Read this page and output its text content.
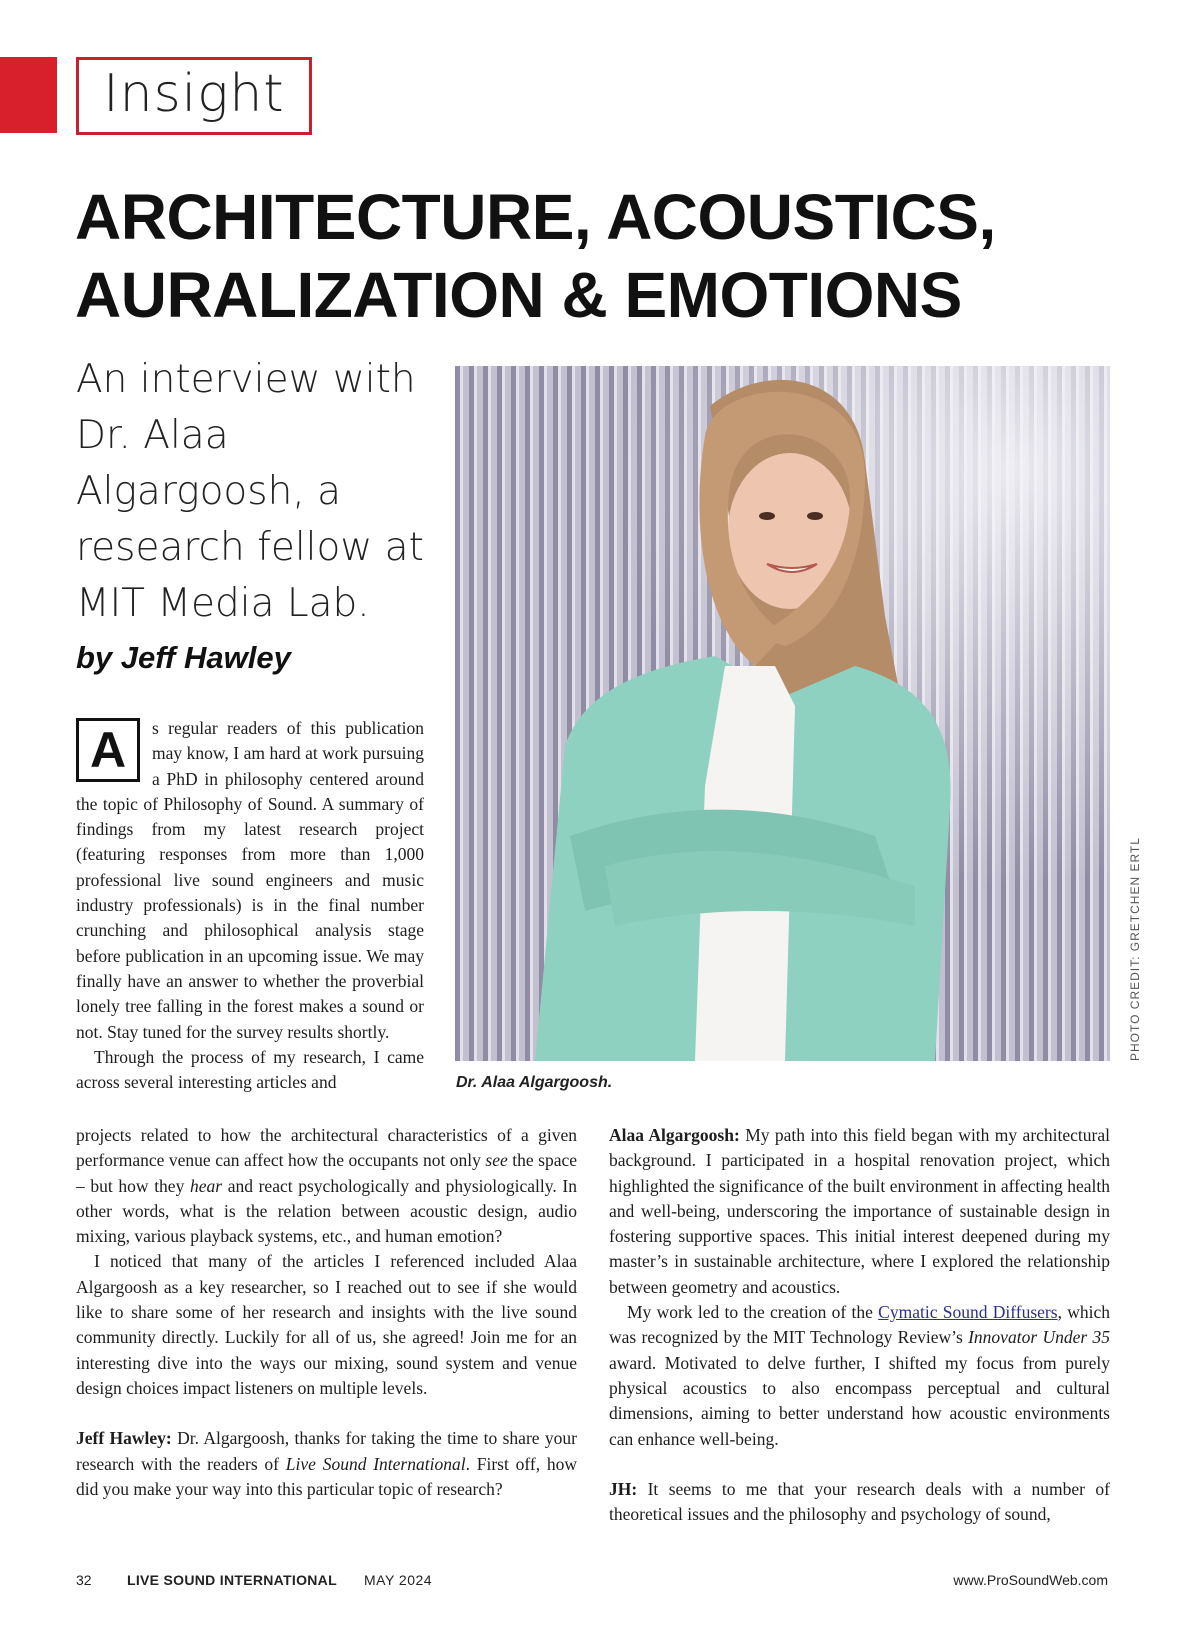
Insight
ARCHITECTURE, ACOUSTICS,
AURALIZATION & EMOTIONS
An interview with Dr. Alaa Algargoosh, a research fellow at MIT Media Lab.
by Jeff Hawley
PHOTO CREDIT: GRETCHEN ERTL
Dr. Alaa Algargoosh.
A	s regular readers of this publication may know, I am hard at work pursuing a PhD in philosophy centered around the topic of Philosophy of Sound. A summary of findings from my latest research project (featuring responses from more than 1,000 professional live sound engineers and music industry professionals) is in the final number crunching and philosophical analysis stage before publication in an upcoming issue. We may finally have an answer to whether the proverbial lonely tree falling in the forest makes a sound or not. Stay tuned for the survey results shortly.

Through the process of my research, I came across several interesting articles and

projects related to how the architectural characteristics of a given performance venue can affect how the occupants not only see the space – but how they hear and react psychologically and physiologically. In other words, what is the relation between acoustic design, audio mixing, various playback systems, etc., and human emotion?

I noticed that many of the articles I referenced included Alaa Algargoosh as a key researcher, so I reached out to see if she would like to share some of her research and insights with the live sound community directly. Luckily for all of us, she agreed! Join me for an interesting dive into the ways our mixing, sound system and venue design choices impact listeners on multiple levels.

Jeff Hawley: Dr. Algargoosh, thanks for taking the time to share your research with the readers of Live Sound International. First off, how did you make your way into this particular topic of research?

Alaa Algargoosh: My path into this field began with my architectural background. I participated in a hospital renovation project, which highlighted the significance of the built environment in affecting health and well-being, underscoring the importance of sustainable design in fostering supportive spaces. This initial interest deepened during my master’s in sustainable architecture, where I explored the relationship between geometry and acoustics.

My work led to the creation of the Cymatic Sound Diffusers, which was recognized by the MIT Technology Review’s Innovator Under 35 award. Motivated to delve further, I shifted my focus from purely physical acoustics to also encompass perceptual and cultural dimensions, aiming to better understand how acoustic environments can enhance well-being.

JH: It seems to me that your research deals with a number of theoretical issues and the philosophy and psychology of sound,

32	LIVE SOUND INTERNATIONAL MAY 2024	www.ProSoundWeb.com
